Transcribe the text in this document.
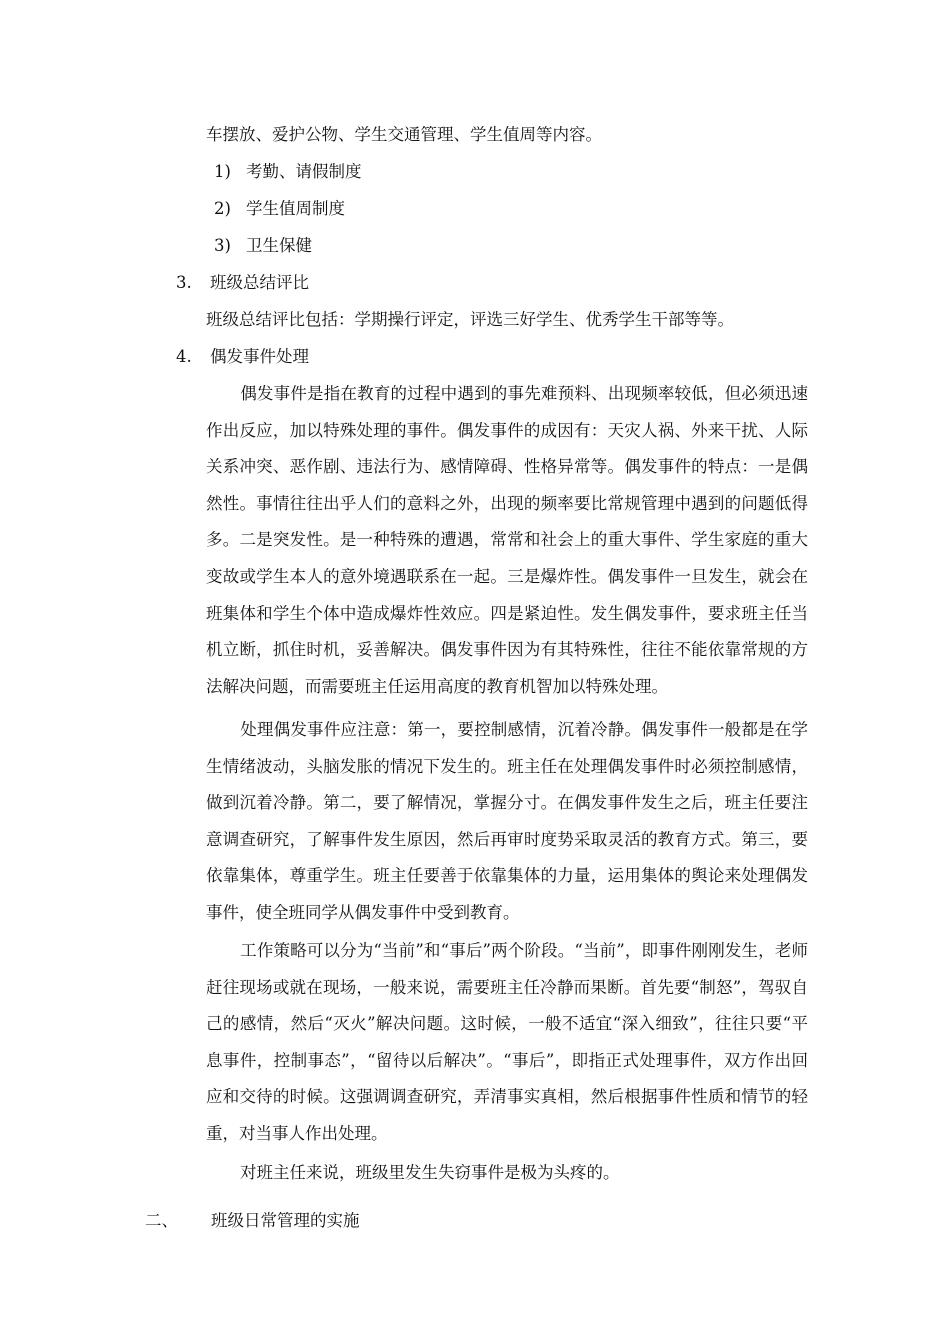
车摆放、爱护公物、学生交通管理、学生值周等内容。
1) 考勤、请假制度
2) 学生值周制度
3) 卫生保健
3. 班级总结评比
班级总结评比包括：学期操行评定，评选三好学生、优秀学生干部等等。
4. 偶发事件处理

偶发事件是指在教育的过程中遇到的事先难预料、出现频率较低，但必须迅速作出反应，加以特殊处理的事件。偶发事件的成因有：天灾人祸、外来干扰、人际关系冲突、恶作剧、违法行为、感情障碍、性格异常等。偶发事件的特点：一是偶然性。事情往往出乎人们的意料之外，出现的频率要比常规管理中遇到的问题低得多。二是突发性。是一种特殊的遭遇，常常和社会上的重大事件、学生家庭的重大变故或学生本人的意外境遇联系在一起。三是爆炸性。偶发事件一旦发生，就会在班集体和学生个体中造成爆炸性效应。四是紧迫性。发生偶发事件，要求班主任当机立断，抓住时机，妥善解决。偶发事件因为有其特殊性，往往不能依靠常规的方法解决问题，而需要班主任运用高度的教育机智加以特殊处理。

处理偶发事件应注意：第一，要控制感情，沉着冷静。偶发事件一般都是在学生情绪波动，头脑发胀的情况下发生的。班主任在处理偶发事件时必须控制感情，做到沉着冷静。第二，要了解情况，掌握分寸。在偶发事件发生之后，班主任要注意调查研究，了解事件发生原因，然后再审时度势采取灵活的教育方式。第三，要依靠集体，尊重学生。班主任要善于依靠集体的力量，运用集体的舆论来处理偶发事件，使全班同学从偶发事件中受到教育。

工作策略可以分为“当前”和“事后”两个阶段。“当前”，即事件刚刚发生，老师赶往现场或就在现场，一般来说，需要班主任冷静而果断。首先要“制怒”，驾驭自己的感情，然后“灭火”解决问题。这时候，一般不适宜“深入细致”，往往只要“平息事件，控制事态”，“留待以后解决”。“事后”，即指正式处理事件，双方作出回应和交待的时候。这强调调查研究，弄清事实真相，然后根据事件性质和情节的轻重，对当事人作出处理。

对班主任来说，班级里发生失窃事件是极为头疼的。

二、 班级日常管理的实施
